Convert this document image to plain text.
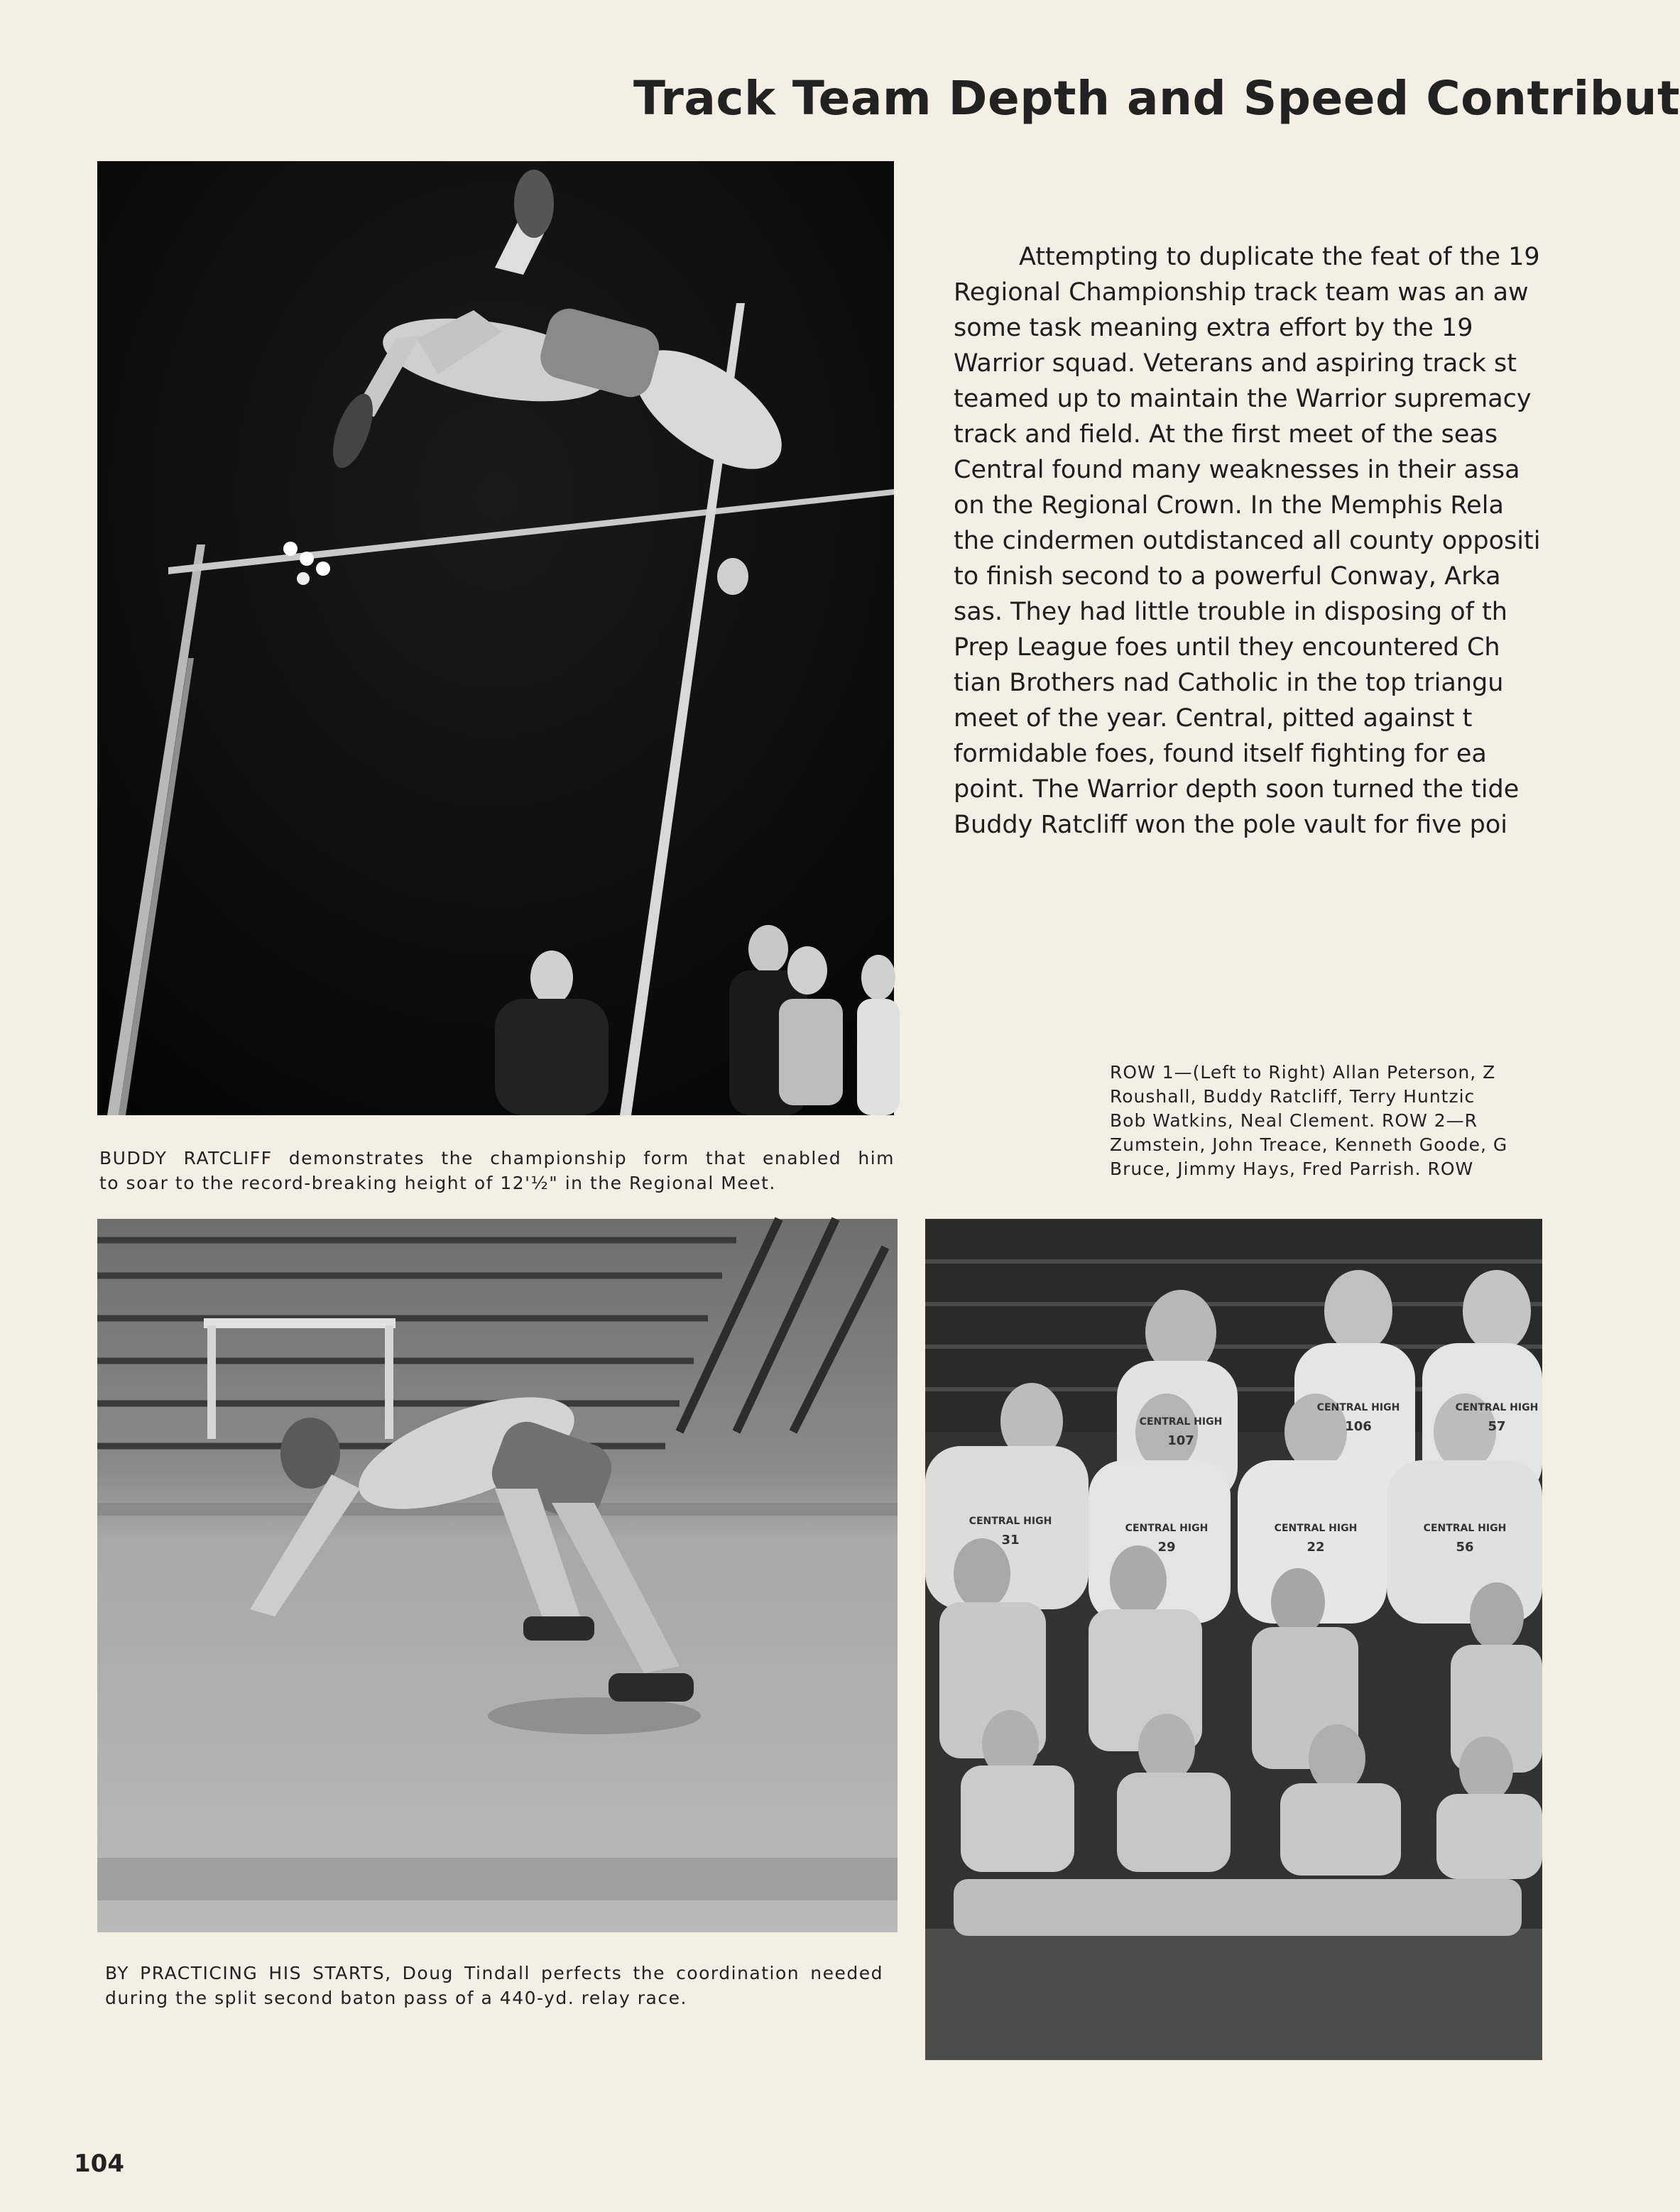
Track Team Depth and Speed Contribut
BUDDY RATCLIFF demonstrates the championship form that enabled him
to soar to the record-breaking height of 12'½" in the Regional Meet.
BY PRACTICING HIS STARTS, Doug Tindall perfects the coordination needed
during the split second baton pass of a 440-yd. relay race.
Attempting to duplicate the feat of the 19
Regional Championship track team was an aw
some task meaning extra effort by the 19
Warrior squad. Veterans and aspiring track st
teamed up to maintain the Warrior supremacy
track and field. At the first meet of the seas
Central found many weaknesses in their assa
on the Regional Crown. In the Memphis Rela
the cindermen outdistanced all county oppositi
to finish second to a powerful Conway, Arka
sas. They had little trouble in disposing of th
Prep League foes until they encountered Ch
tian Brothers nad Catholic in the top triangu
meet of the year. Central, pitted against t
formidable foes, found itself fighting for ea
point. The Warrior depth soon turned the tide
Buddy Ratcliff won the pole vault for five poi
ROW 1—(Left to Right) Allan Peterson, Z
Roushall, Buddy Ratcliff, Terry Huntzic
Bob Watkins, Neal Clement. ROW 2—R
Zumstein, John Treace, Kenneth Goode, G
Bruce, Jimmy Hays, Fred Parrish. ROW
CENTRAL HIGH
107
CENTRAL HIGH
106
CENTRAL HIGH
57
CENTRAL HIGH
31
CENTRAL HIGH
29
CENTRAL HIGH
22
CENTRAL HIGH
56
104
